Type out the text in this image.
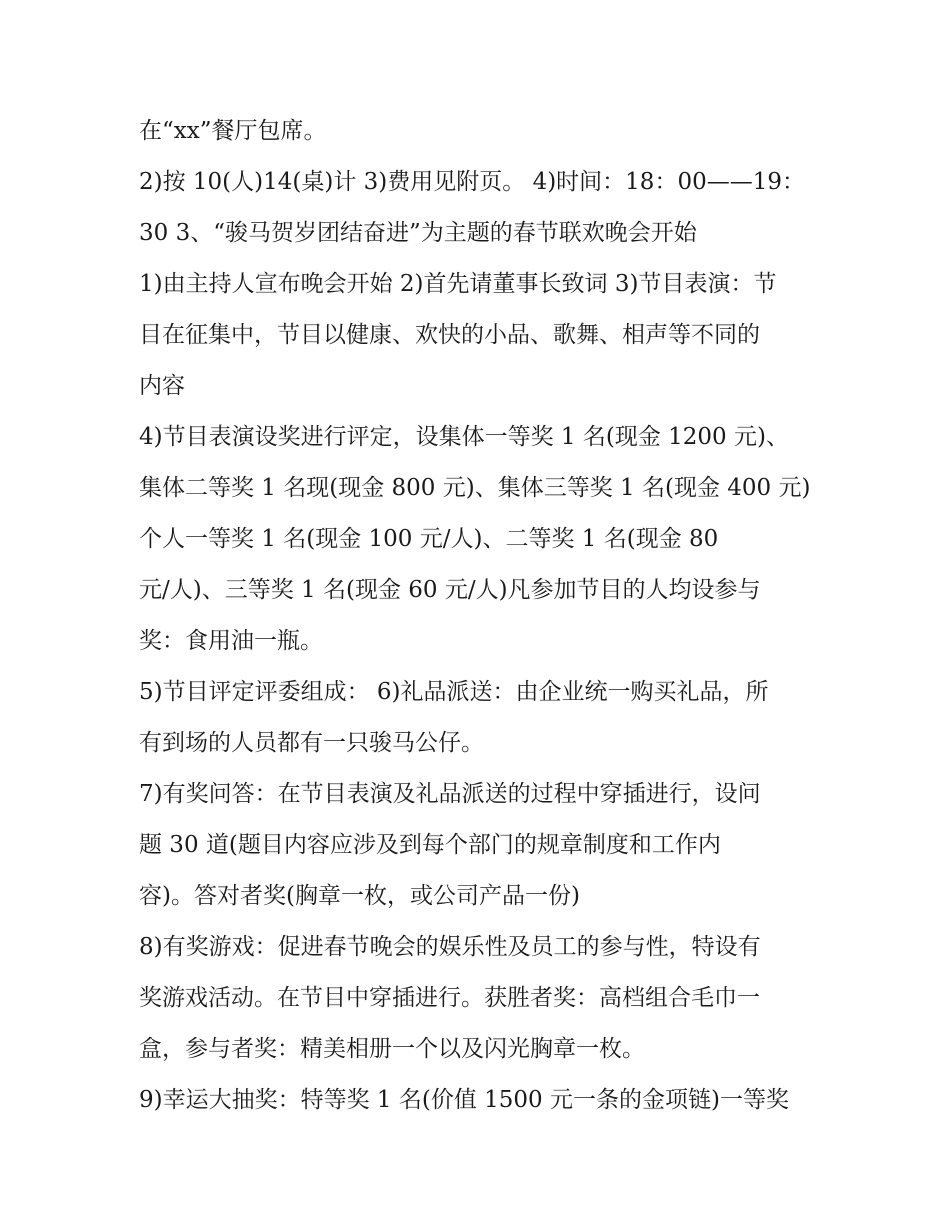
在“xx”餐厅包席。
2)按 10(人)14(桌)计 3)费用见附页。 4)时间：18：00——19：
30 3、“骏马贺岁团结奋进”为主题的春节联欢晚会开始
1)由主持人宣布晚会开始 2)首先请董事长致词 3)节目表演：节
目在征集中，节目以健康、欢快的小品、歌舞、相声等不同的
内容
4)节目表演设奖进行评定，设集体一等奖 1 名(现金 1200 元)、
集体二等奖 1 名现(现金 800 元)、集体三等奖 1 名(现金 400 元)
个人一等奖 1 名(现金 100 元/人)、二等奖 1 名(现金 80
元/人)、三等奖 1 名(现金 60 元/人)凡参加节目的人均设参与
奖：食用油一瓶。
5)节目评定评委组成： 6)礼品派送：由企业统一购买礼品，所
有到场的人员都有一只骏马公仔。
7)有奖问答：在节目表演及礼品派送的过程中穿插进行，设问
题 30 道(题目内容应涉及到每个部门的规章制度和工作内
容)。答对者奖(胸章一枚，或公司产品一份)
8)有奖游戏：促进春节晚会的娱乐性及员工的参与性，特设有
奖游戏活动。在节目中穿插进行。获胜者奖：高档组合毛巾一
盒，参与者奖：精美相册一个以及闪光胸章一枚。
9)幸运大抽奖：特等奖 1 名(价值 1500 元一条的金项链)一等奖
